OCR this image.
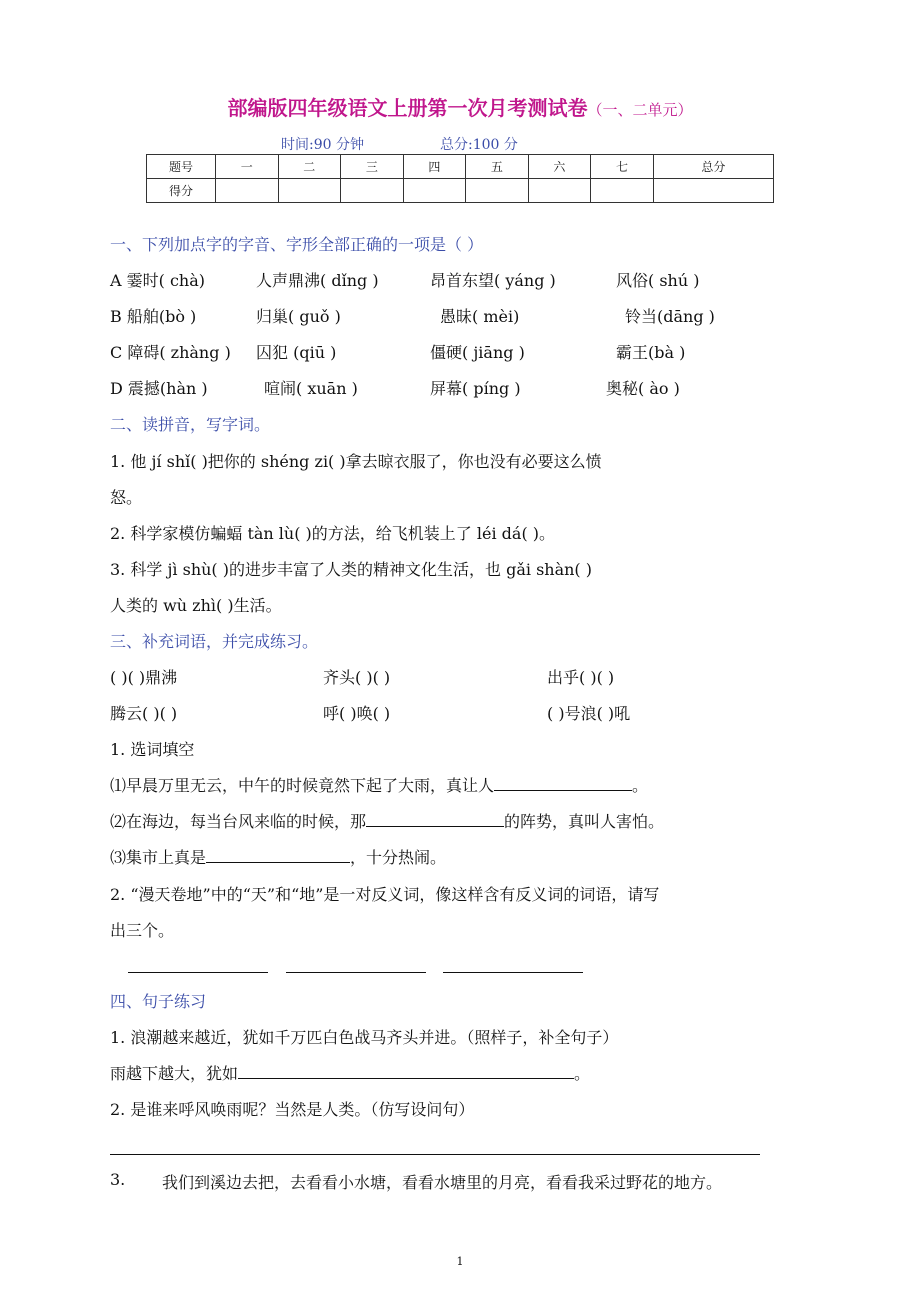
部编版四年级语文上册第一次月考测试卷（一、二单元）
时间:90 分钟	总分:100 分
题号	一	二	三	四	五	六	七	总分
得分								
一、下列加点字的字音、字形全部正确的一项是（ ）
A 霎时( chà)	人声鼎沸( dǐng )	昂首东望( yáng )	风俗( shú )
B 船舶(bò )	归巢( guǒ )	愚昧( mèi)	铃当(dāng )
C 障碍( zhàng ) 囚犯 (qiū )	僵硬( jiāng )	霸王(bà )
D 震撼(hàn )	喧闹( xuān )	屏幕( píng )	奥秘( ào )
二、读拼音，写字词。
1. 他 jí shǐ( )把你的 shéng zi( )拿去晾衣服了，你也没有必要这么愤
怒。
2. 科学家模仿蝙蝠 tàn lù( )的方法，给飞机装上了 léi dá( )。
3. 科学 jì shù( )的进步丰富了人类的精神文化生活，也 gǎi shàn( )
人类的 wù zhì( )生活。
三、补充词语，并完成练习。
( )( )鼎沸	齐头( )( )	出乎( )( )
腾云( )( )	呼( )唤( )	( )号浪( )吼
1. 选词填空
⑴早晨万里无云，中午的时候竟然下起了大雨，真让人	。
⑵在海边，每当台风来临的时候，那	的阵势，真叫人害怕。
⑶集市上真是	，十分热闹。
2. “漫天卷地”中的“天”和“地”是一对反义词，像这样含有反义词的词语，请写
出三个。
四、句子练习
1. 浪潮越来越近，犹如千万匹白色战马齐头并进。（照样子，补全句子）
雨越下越大，犹如	。
2. 是谁来呼风唤雨呢？当然是人类。（仿写设问句）
3. 我们到溪边去把，去看看小水塘，看看水塘里的月亮，看看我采过野花的地方。
1
